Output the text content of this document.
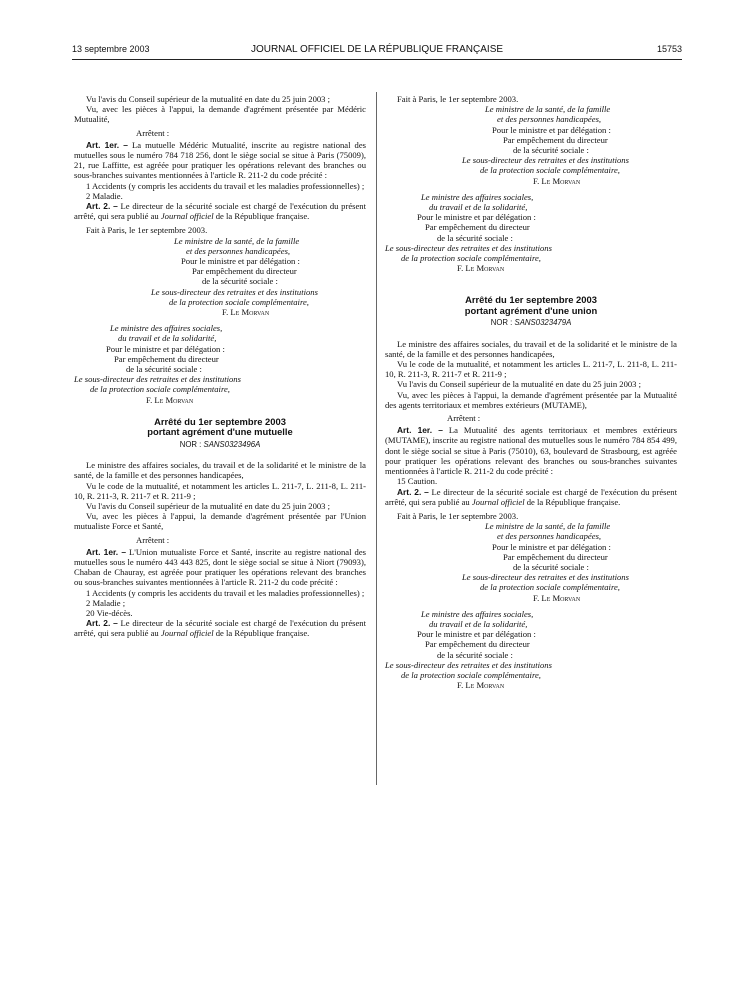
13 septembre 2003	JOURNAL OFFICIEL DE LA RÉPUBLIQUE FRANÇAISE	15753

Vu l'avis du Conseil supérieur de la mutualité en date du 25 juin 2003 ;

Vu, avec les pièces à l'appui, la demande d'agrément présentée par Médéric Mutualité,

Arrêtent :

Art. 1er. – La mutuelle Médéric Mutualité, inscrite au registre national des mutuelles sous le numéro 784 718 256, dont le siège social se situe à Paris (75009), 21, rue Laffitte, est agréée pour pratiquer les opérations relevant des branches ou sous-branches suivantes mentionnées à l'article R. 211-2 du code précité :

1 Accidents (y compris les accidents du travail et les maladies professionnelles) ;

2 Maladie.

Art. 2. – Le directeur de la sécurité sociale est chargé de l'exécution du présent arrêté, qui sera publié au Journal officiel de la République française.

Fait à Paris, le 1er septembre 2003.

Le ministre de la santé, de la famille

et des personnes handicapées,

Pour le ministre et par délégation :

Par empêchement du directeur

de la sécurité sociale :

Le sous-directeur des retraites et des institutions

de la protection sociale complémentaire,

F. Le Morvan

Le ministre des affaires sociales,

du travail et de la solidarité,

Pour le ministre et par délégation :

Par empêchement du directeur

de la sécurité sociale :

Le sous-directeur des retraites et des institutions

de la protection sociale complémentaire,

F. Le Morvan

Arrêté du 1er septembre 2003
portant agrément d'une mutuelle
NOR : SANS0323496A

Le ministre des affaires sociales, du travail et de la solidarité et le ministre de la santé, de la famille et des personnes handicapées,

Vu le code de la mutualité, et notamment les articles L. 211-7, L. 211-8, L. 211-10, R. 211-3, R. 211-7 et R. 211-9 ;

Vu l'avis du Conseil supérieur de la mutualité en date du 25 juin 2003 ;

Vu, avec les pièces à l'appui, la demande d'agrément présentée par l'Union mutualiste Force et Santé,

Arrêtent :

Art. 1er. – L'Union mutualiste Force et Santé, inscrite au registre national des mutuelles sous le numéro 443 443 825, dont le siège social se situe à Niort (79093), Chaban de Chauray, est agréée pour pratiquer les opérations relevant des branches ou sous-branches suivantes mentionnées à l'article R. 211-2 du code précité :

1 Accidents (y compris les accidents du travail et les maladies professionnelles) ;

2 Maladie ;

20 Vie-décès.

Art. 2. – Le directeur de la sécurité sociale est chargé de l'exécution du présent arrêté, qui sera publié au Journal officiel de la République française.

Fait à Paris, le 1er septembre 2003.

Le ministre de la santé, de la famille

et des personnes handicapées,

Pour le ministre et par délégation :

Par empêchement du directeur

de la sécurité sociale :

Le sous-directeur des retraites et des institutions

de la protection sociale complémentaire,

F. Le Morvan

Le ministre des affaires sociales,

du travail et de la solidarité,

Pour le ministre et par délégation :

Par empêchement du directeur

de la sécurité sociale :

Le sous-directeur des retraites et des institutions

de la protection sociale complémentaire,

F. Le Morvan

Arrêté du 1er septembre 2003
portant agrément d'une union
NOR : SANS0323479A

Le ministre des affaires sociales, du travail et de la solidarité et le ministre de la santé, de la famille et des personnes handicapées,

Vu le code de la mutualité, et notamment les articles L. 211-7, L. 211-8, L. 211-10, R. 211-3, R. 211-7 et R. 211-9 ;

Vu l'avis du Conseil supérieur de la mutualité en date du 25 juin 2003 ;

Vu, avec les pièces à l'appui, la demande d'agrément présentée par la Mutualité des agents territoriaux et membres extérieurs (MUTAME),

Arrêtent :

Art. 1er. – La Mutualité des agents territoriaux et membres extérieurs (MUTAME), inscrite au registre national des mutuelles sous le numéro 784 854 499, dont le siège social se situe à Paris (75010), 63, boulevard de Strasbourg, est agréée pour pratiquer les opérations relevant des branches ou sous-branches suivantes mentionnées à l'article R. 211-2 du code précité :

15 Caution.

Art. 2. – Le directeur de la sécurité sociale est chargé de l'exécution du présent arrêté, qui sera publié au Journal officiel de la République française.

Fait à Paris, le 1er septembre 2003.

Le ministre de la santé, de la famille

et des personnes handicapées,

Pour le ministre et par délégation :

Par empêchement du directeur

de la sécurité sociale :

Le sous-directeur des retraites et des institutions

de la protection sociale complémentaire,

F. Le Morvan

Le ministre des affaires sociales,

du travail et de la solidarité,

Pour le ministre et par délégation :

Par empêchement du directeur

de la sécurité sociale :

Le sous-directeur des retraites et des institutions

de la protection sociale complémentaire,

F. Le Morvan
